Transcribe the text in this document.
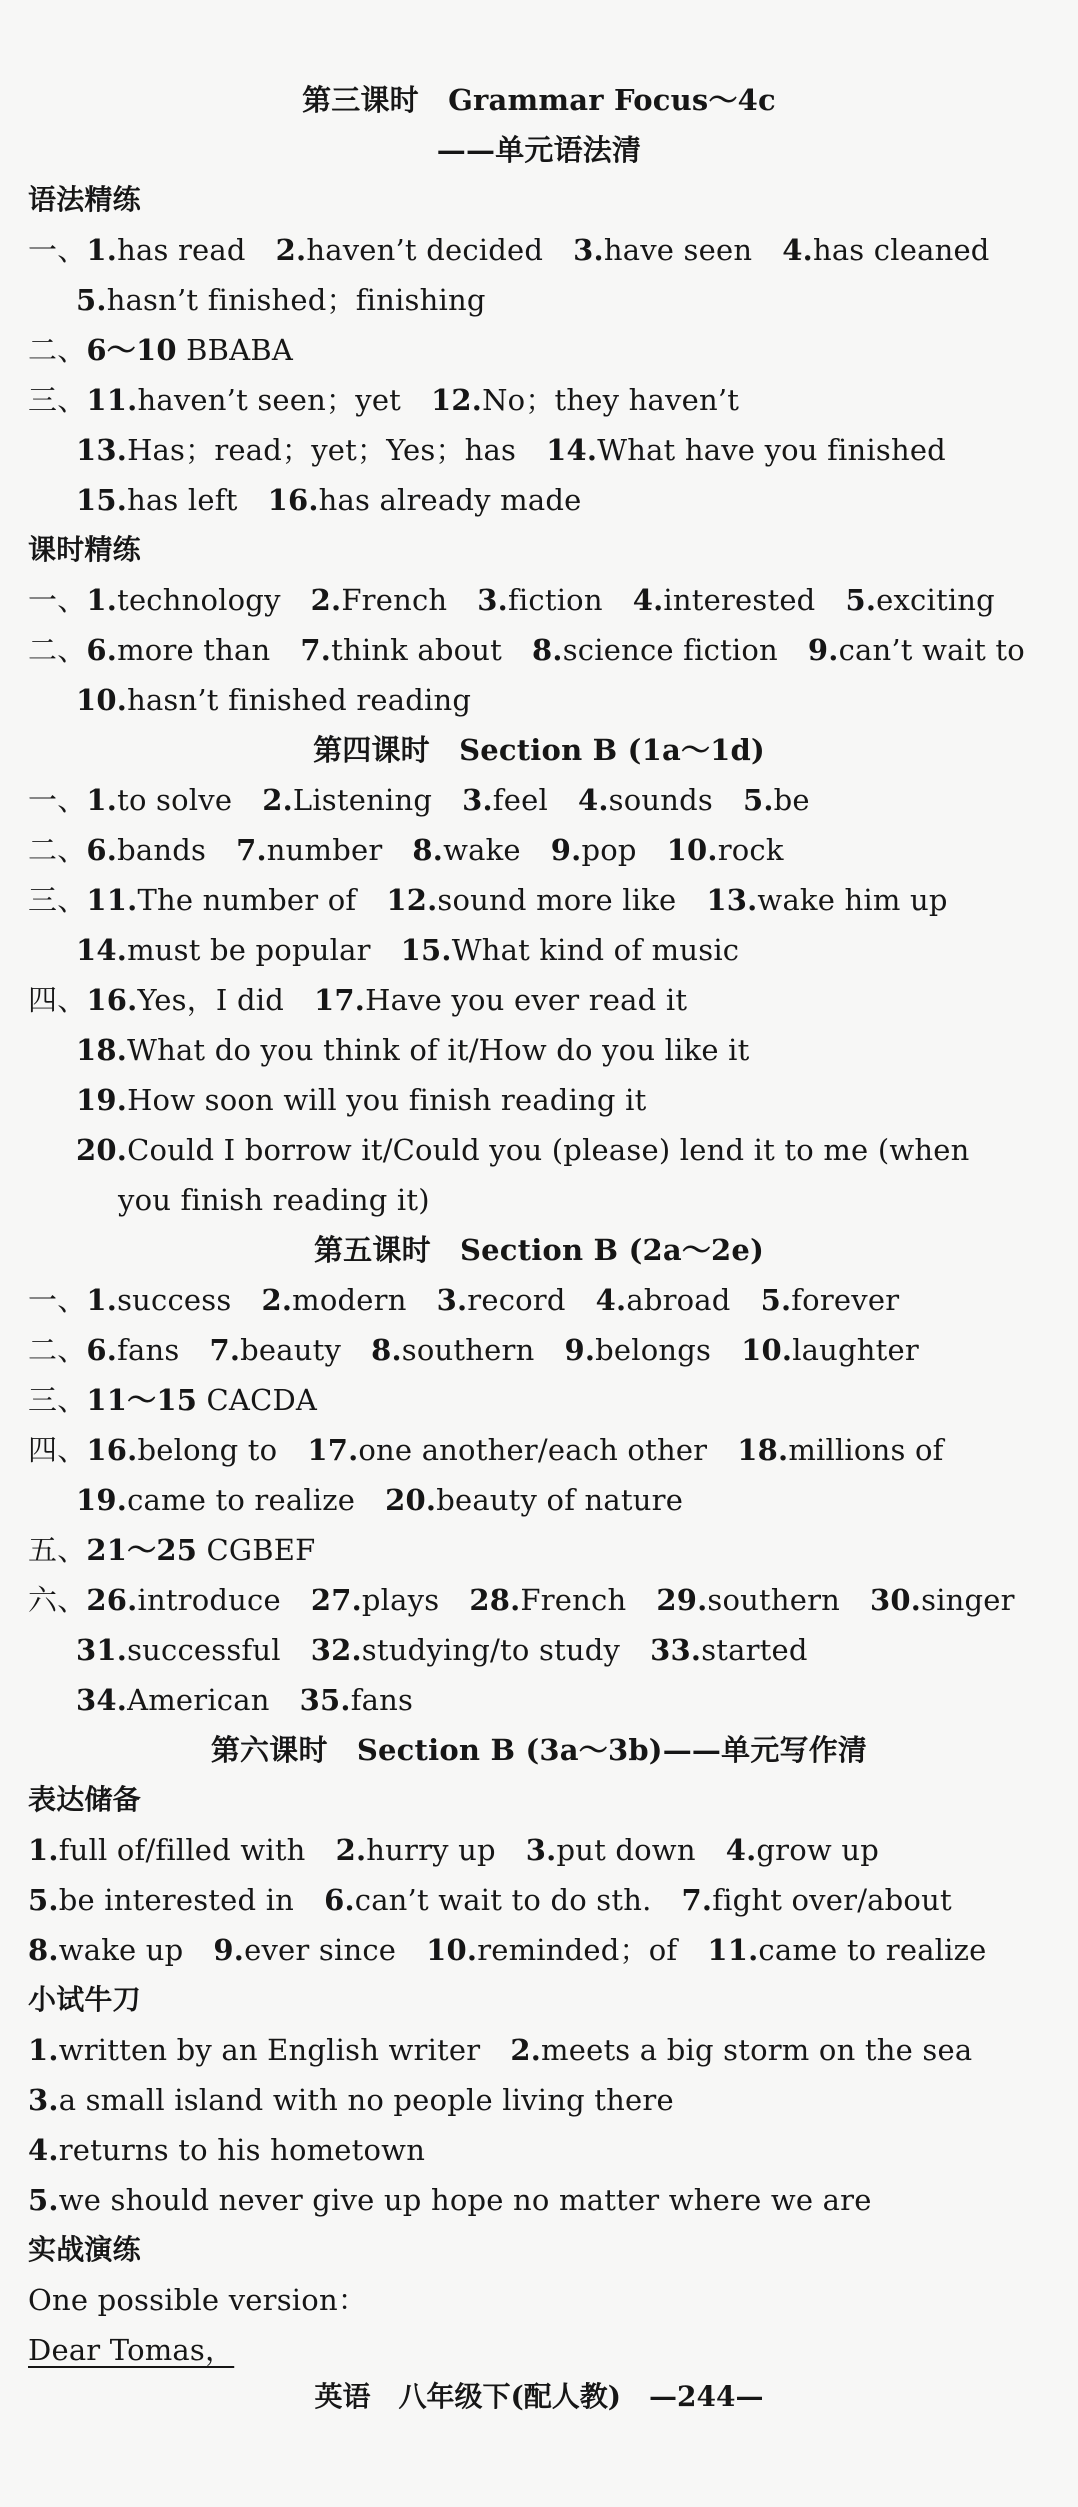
第三课时　Grammar Focus～4c
——单元语法清
语法精练
一、1.has read 2.haven’t decided 3.have seen 4.has cleaned
5.hasn’t finished；finishing
二、6～10 BBABA
三、11.haven’t seen；yet 12.No；they haven’t
13.Has；read；yet；Yes；has 14.What have you finished
15.has left 16.has already made
课时精练
一、1.technology 2.French 3.fiction 4.interested 5.exciting
二、6.more than 7.think about 8.science fiction 9.can’t wait to
10.hasn’t finished reading
第四课时　Section B (1a～1d)
一、1.to solve 2.Listening 3.feel 4.sounds 5.be
二、6.bands 7.number 8.wake 9.pop 10.rock
三、11.The number of 12.sound more like 13.wake him up
14.must be popular 15.What kind of music
四、16.Yes，I did 17.Have you ever read it
18.What do you think of it/How do you like it
19.How soon will you finish reading it
20.Could I borrow it/Could you (please) lend it to me (when
you finish reading it)
第五课时　Section B (2a～2e)
一、1.success 2.modern 3.record 4.abroad 5.forever
二、6.fans 7.beauty 8.southern 9.belongs 10.laughter
三、11～15 CACDA
四、16.belong to 17.one another/each other 18.millions of
19.came to realize 20.beauty of nature
五、21～25 CGBEF
六、26.introduce 27.plays 28.French 29.southern 30.singer
31.successful 32.studying/to study 33.started
34.American 35.fans
第六课时　Section B (3a～3b)——单元写作清
表达储备
1.full of/filled with 2.hurry up 3.put down 4.grow up
5.be interested in 6.can’t wait to do sth. 7.fight over/about
8.wake up 9.ever since 10.reminded；of 11.came to realize
小试牛刀
1.written by an English writer 2.meets a big storm on the sea
3.a small island with no people living there
4.returns to his hometown
5.we should never give up hope no matter where we are
实战演练
One possible version：
Dear Tomas，
英语　八年级下(配人教)　—244—
